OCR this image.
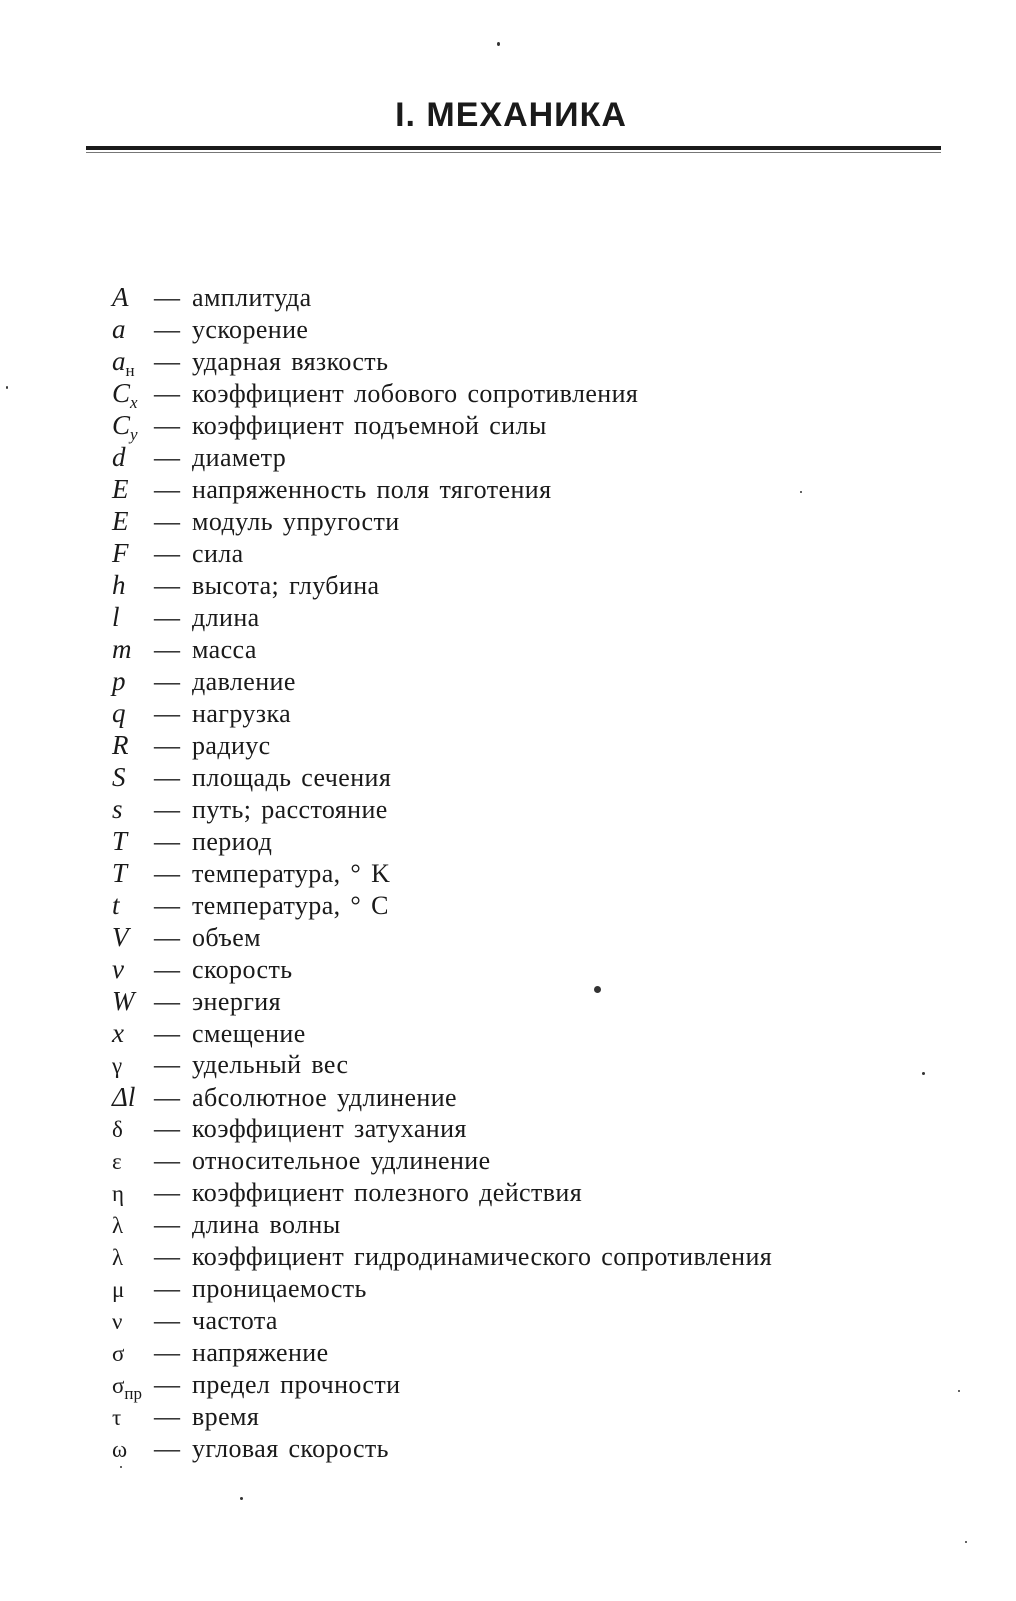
I. МЕХАНИКА
A — амплитуда
a	— ускорение
$a_н$ — ударная вязкость
$C_x$ — коэффициент лобового сопротивления
$C_y$ — коэффициент подъемной силы
d	— диаметр
E — напряженность поля тяготения
E — модуль упругости
F — сила
h	— высота; глубина
l	— длина
m — масса
p	— давление
q	— нагрузка
R — радиус
S	— площадь сечения
s	— путь; расстояние
T	— период
T	— температура, ° K
t	— температура, ° C
V — объем
v	— скорость
W — энергия
x	— смещение
γ	— удельный вес
Δl — абсолютное удлинение
δ	— коэффициент затухания
ε	— относительное удлинение
η	— коэффициент полезного действия
λ	— длина волны
λ	— коэффициент гидродинамического сопротивления
μ	— проницаемость
ν	— частота
σ	— напряжение
$\sigma_{пр}$ — предел прочности
τ	— время
ω	— угловая скорость
